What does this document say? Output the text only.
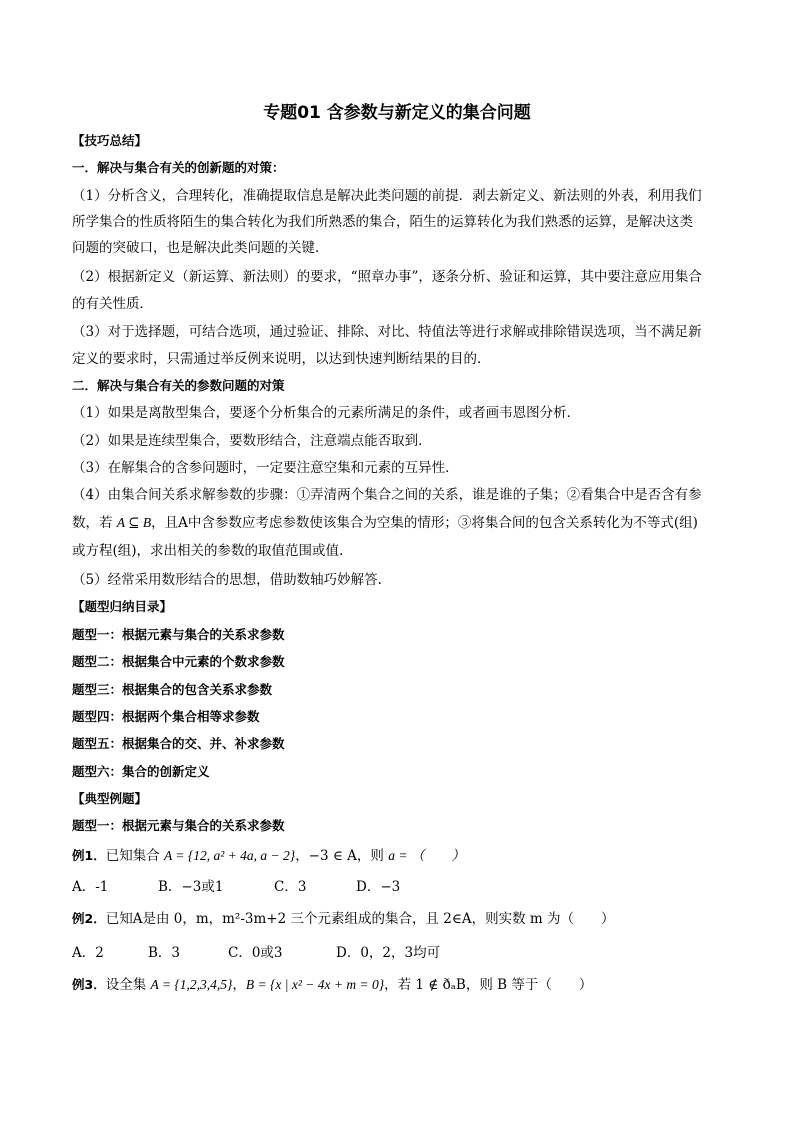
专题01 含参数与新定义的集合问题
【技巧总结】
一．解决与集合有关的创新题的对策：
（1）分析含义，合理转化，准确提取信息是解决此类问题的前提．剥去新定义、新法则的外表，利用我们
所学集合的性质将陌生的集合转化为我们所熟悉的集合，陌生的运算转化为我们熟悉的运算，是解决这类
问题的突破口，也是解决此类问题的关键．
（2）根据新定义（新运算、新法则）的要求，“照章办事”，逐条分析、验证和运算，其中要注意应用集合
的有关性质．
（3）对于选择题，可结合选项，通过验证、排除、对比、特值法等进行求解或排除错误选项，当不满足新
定义的要求时，只需通过举反例来说明，以达到快速判断结果的目的．
二．解决与集合有关的参数问题的对策
（1）如果是离散型集合，要逐个分析集合的元素所满足的条件，或者画韦恩图分析．
（2）如果是连续型集合，要数形结合，注意端点能否取到．
（3）在解集合的含参问题时，一定要注意空集和元素的互异性．
（4）由集合间关系求解参数的步骤：①弄清两个集合之间的关系，谁是谁的子集；②看集合中是否含有参
数，若 A ⊆ B，且A中含参数应考虑参数使该集合为空集的情形；③将集合间的包含关系转化为不等式(组)
或方程(组)，求出相关的参数的取值范围或值.
（5）经常采用数形结合的思想，借助数轴巧妙解答.
【题型归纳目录】
题型一：根据元素与集合的关系求参数
题型二：根据集合中元素的个数求参数
题型三：根据集合的包含关系求参数
题型四：根据两个集合相等求参数
题型五：根据集合的交、并、补求参数
题型六：集合的创新定义
【典型例题】
题型一：根据元素与集合的关系求参数
例1．已知集合 A = {12, a² + 4a, a − 2}，−3 ∈ A，则 a = （　　）
A．-1	B．−3或1	C．3	D．−3
例2．已知A是由 0，m，m²-3m+2 三个元素组成的集合，且 2∈A，则实数 m 为（　　）
A．2	B．3	C．0或3	D．0，2，3均可
例3．设全集 A = {1,2,3,4,5}，B = {x | x² − 4x + m = 0}，若 1 ∉ ðₐB，则 B 等于（　　）
